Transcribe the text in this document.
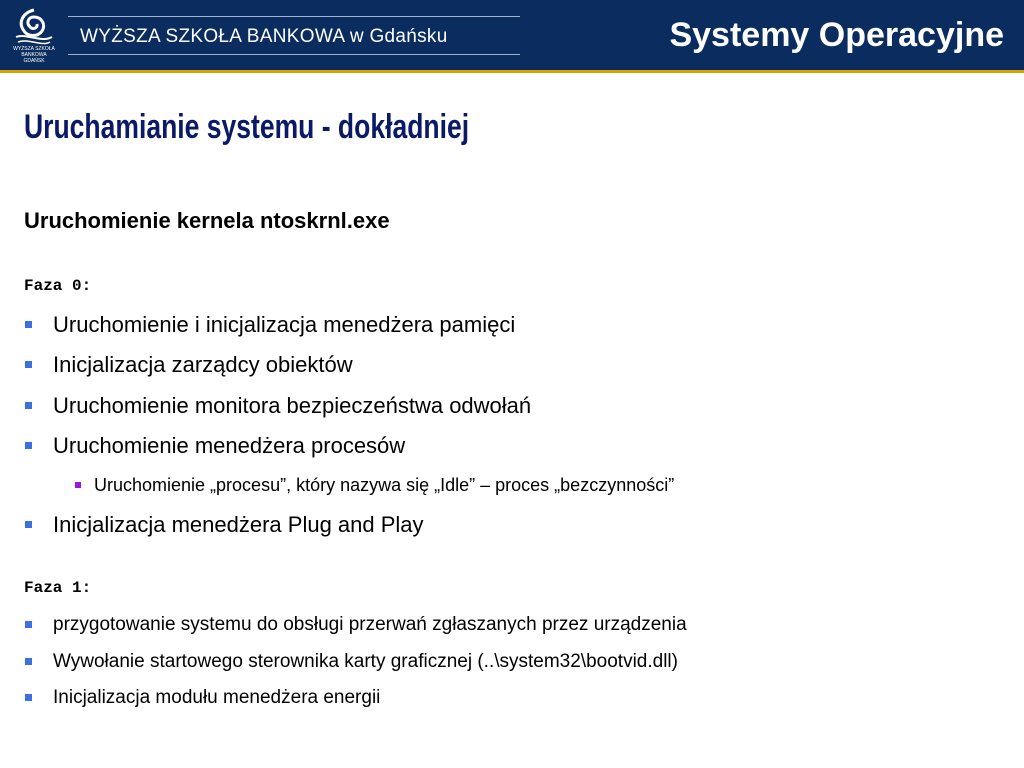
WYŻSZA SZKOŁA BANKOWA GDAŃSK
WYŻSZA SZKOŁA BANKOWA w Gdańsku	Systemy Operacyjne
Uruchamianie systemu - dokładniej
Uruchomienie kernela ntoskrnl.exe
Faza 0:
Uruchomienie i inicjalizacja menedżera pamięci
Inicjalizacja zarządcy obiektów
Uruchomienie monitora bezpieczeństwa odwołań
Uruchomienie menedżera procesów
Uruchomienie „procesu”, który nazywa się „Idle” – proces „bezczynności”
Inicjalizacja menedżera Plug and Play
Faza 1:
przygotowanie systemu do obsługi przerwań zgłaszanych przez urządzenia
Wywołanie startowego sterownika karty graficznej (..\system32\bootvid.dll)
Inicjalizacja modułu menedżera energii
